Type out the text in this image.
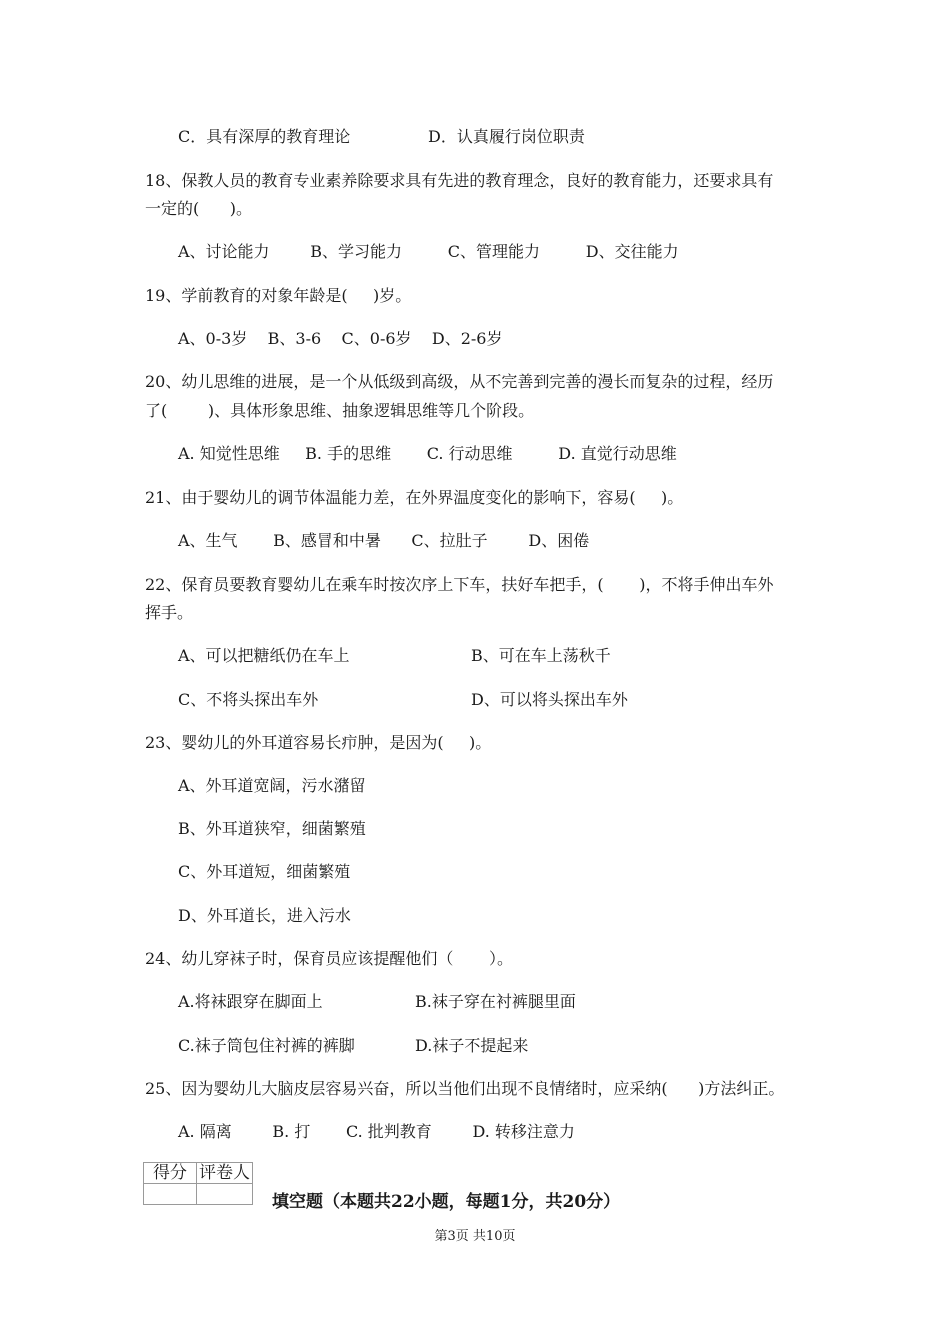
C．具有深厚的教育理论	D．认真履行岗位职责
18、保教人员的教育专业素养除要求具有先进的教育理念，良好的教育能力，还要求具有
一定的(      )。
A、讨论能力        B、学习能力         C、管理能力         D、交往能力
19、学前教育的对象年龄是(     )岁。
A、0-3岁    B、3-6    C、0-6岁    D、2-6岁
20、幼儿思维的进展，是一个从低级到高级，从不完善到完善的漫长而复杂的过程，经历
了(        )、具体形象思维、抽象逻辑思维等几个阶段。
A. 知觉性思维     B. 手的思维       C. 行动思维         D. 直觉行动思维
21、由于婴幼儿的调节体温能力差，在外界温度变化的影响下，容易(     )。
A、生气       B、感冒和中暑      C、拉肚子        D、困倦
22、保育员要教育婴幼儿在乘车时按次序上下车，扶好车把手，(       )，不将手伸出车外
挥手。
A、可以把糖纸仍在车上	B、可在车上荡秋千
C、不将头探出车外	D、可以将头探出车外
23、婴幼儿的外耳道容易长疖肿，是因为(     )。
A、外耳道宽阔，污水潴留
B、外耳道狭窄，细菌繁殖
C、外耳道短，细菌繁殖
D、外耳道长，进入污水
24、幼儿穿袜子时，保育员应该提醒他们（       ）。
A.将袜跟穿在脚面上	B.袜子穿在衬裤腿里面
C.袜子筒包住衬裤的裤脚	D.袜子不提起来
25、因为婴幼儿大脑皮层容易兴奋，所以当他们出现不良情绪时，应采纳(      )方法纠正。
A. 隔离        B. 打       C. 批判教育        D. 转移注意力
得分	评卷人

填空题（本题共22小题，每题1分，共20分）
第3页 共10页
